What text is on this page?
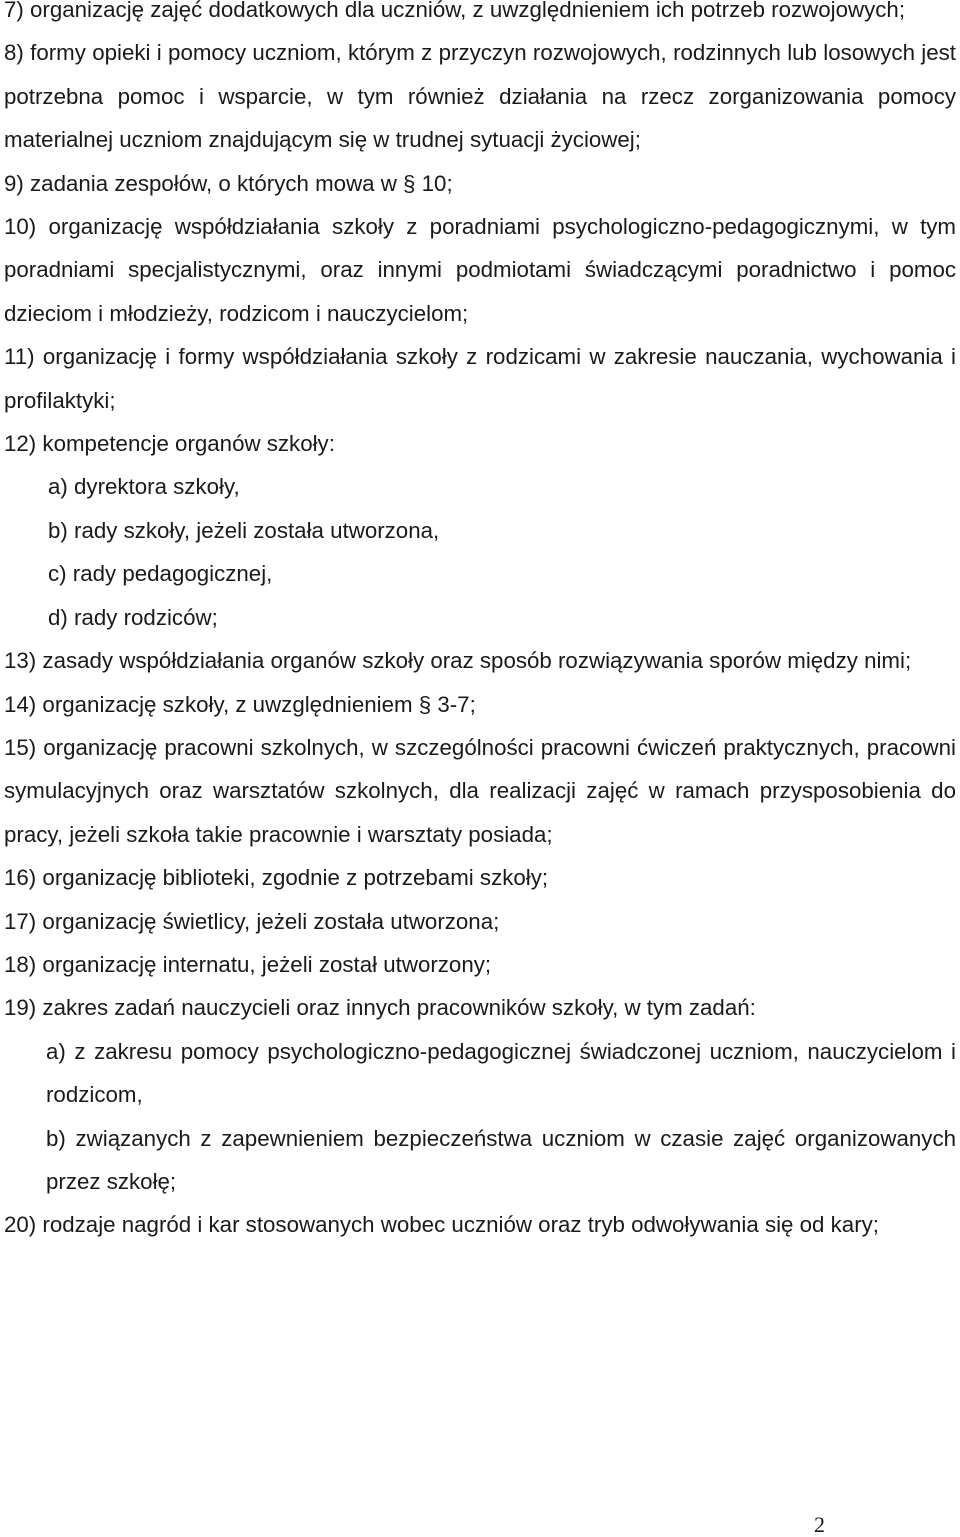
7) organizację zajęć dodatkowych dla uczniów, z uwzględnieniem ich potrzeb rozwojowych;

8) formy opieki i pomocy uczniom, którym z przyczyn rozwojowych, rodzinnych lub losowych jest potrzebna pomoc i wsparcie, w tym również działania na rzecz zorganizowania pomocy materialnej uczniom znajdującym się w trudnej sytuacji życiowej;

9) zadania zespołów, o których mowa w § 10;

10) organizację współdziałania szkoły z poradniami psychologiczno-pedagogicznymi, w tym poradniami specjalistycznymi, oraz innymi podmiotami świadczącymi poradnictwo i pomoc dzieciom i młodzieży, rodzicom i nauczycielom;

11) organizację i formy współdziałania szkoły z rodzicami w zakresie nauczania, wychowania i profilaktyki;

12) kompetencje organów szkoły:

a) dyrektora szkoły,

b) rady szkoły, jeżeli została utworzona,

c) rady pedagogicznej,

d) rady rodziców;

13) zasady współdziałania organów szkoły oraz sposób rozwiązywania sporów między nimi;

14) organizację szkoły, z uwzględnieniem § 3-7;

15) organizację pracowni szkolnych, w szczególności pracowni ćwiczeń praktycznych, pracowni symulacyjnych oraz warsztatów szkolnych, dla realizacji zajęć w ramach przysposobienia do pracy, jeżeli szkoła takie pracownie i warsztaty posiada;

16) organizację biblioteki, zgodnie z potrzebami szkoły;

17) organizację świetlicy, jeżeli została utworzona;

18) organizację internatu, jeżeli został utworzony;

19) zakres zadań nauczycieli oraz innych pracowników szkoły, w tym zadań:

a) z zakresu pomocy psychologiczno-pedagogicznej świadczonej uczniom, nauczycielom i rodzicom,

b) związanych z zapewnieniem bezpieczeństwa uczniom w czasie zajęć organizowanych przez szkołę;

20) rodzaje nagród i kar stosowanych wobec uczniów oraz tryb odwoływania się od kary;

2
